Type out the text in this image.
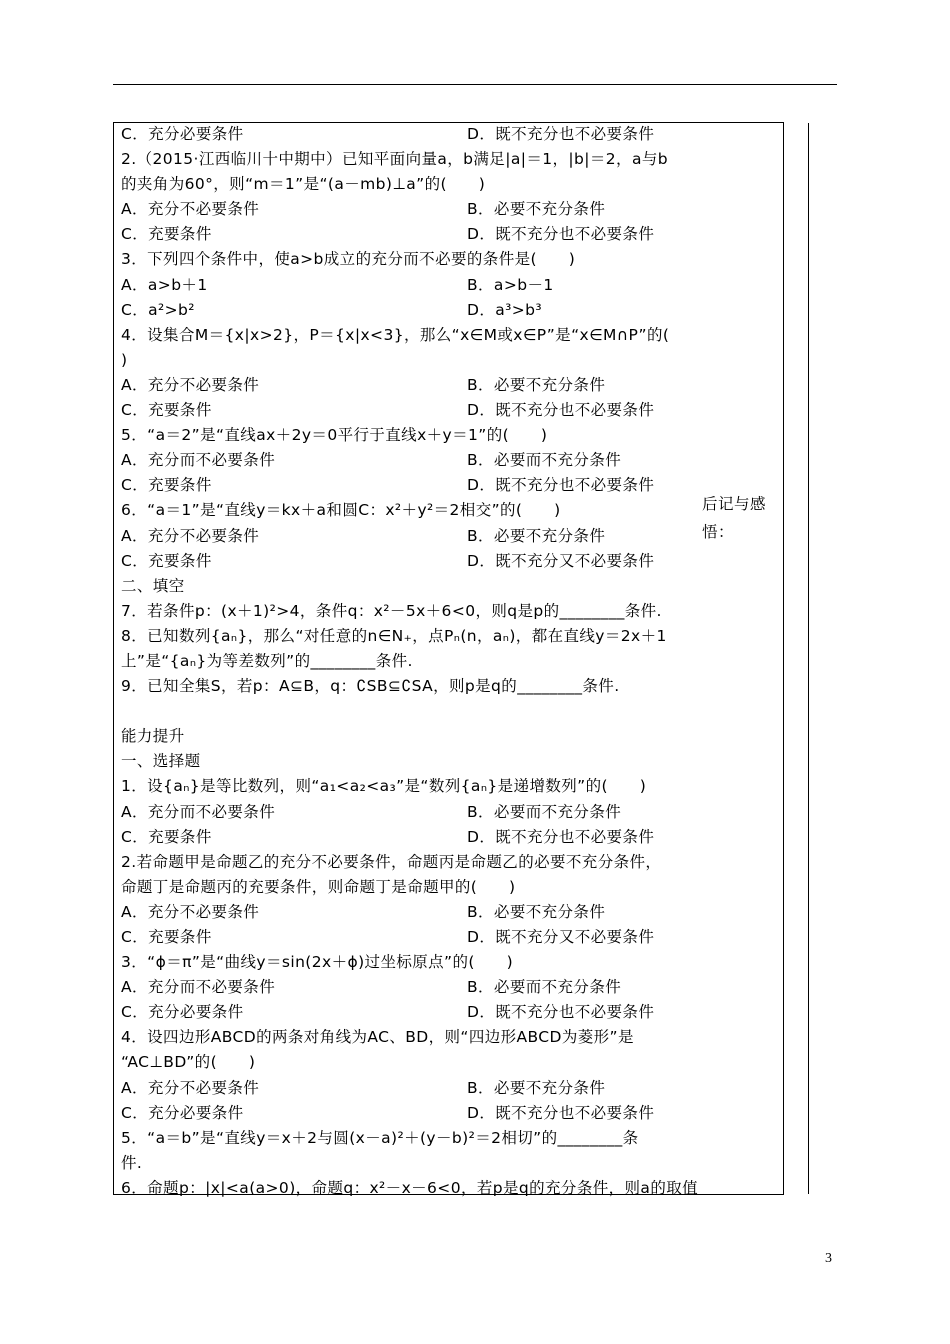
C．充分必要条件	D．既不充分也不必要条件
2.（2015·江西临川十中期中）已知平面向量a，b满足|a|＝1，|b|＝2，a与b
的夹角为60°，则“m＝1”是“(a－mb)⊥a”的(　　)
A．充分不必要条件	B．必要不充分条件
C．充要条件	D．既不充分也不必要条件
3．下列四个条件中，使a>b成立的充分而不必要的条件是(　　)
A．a>b＋1	B．a>b－1
C．a²>b²	D．a³>b³
4．设集合M＝{x|x>2}，P＝{x|x<3}，那么“x∈M或x∈P”是“x∈M∩P”的(
)
A．充分不必要条件	B．必要不充分条件
C．充要条件	D．既不充分也不必要条件
5．“a＝2”是“直线ax＋2y＝0平行于直线x＋y＝1”的(　　)
A．充分而不必要条件	B．必要而不充分条件
C．充要条件	D．既不充分也不必要条件
6．“a＝1”是“直线y＝kx＋a和圆C：x²＋y²＝2相交”的(　　)
A．充分不必要条件	B．必要不充分条件
C．充要条件	D．既不充分又不必要条件
二、填空
7．若条件p：(x＋1)²>4，条件q：x²－5x＋6<0，则q是p的________条件.
8．已知数列{aₙ}，那么“对任意的n∈N₊，点Pₙ(n，aₙ)，都在直线y＝2x＋1
上”是“{aₙ}为等差数列”的________条件.
9．已知全集S，若p：A⊆B，q：∁SB⊆∁SA，则p是q的________条件.
能力提升
一、选择题
1．设{aₙ}是等比数列，则“a₁<a₂<a₃”是“数列{aₙ}是递增数列”的(　　)
A．充分而不必要条件	B．必要而不充分条件
C．充要条件	D．既不充分也不必要条件
2.若命题甲是命题乙的充分不必要条件，命题丙是命题乙的必要不充分条件，
命题丁是命题丙的充要条件，则命题丁是命题甲的(　　)
A．充分不必要条件	B．必要不充分条件
C．充要条件	D．既不充分又不必要条件
3．“ϕ＝π”是“曲线y＝sin(2x＋ϕ)过坐标原点”的(　　)
A．充分而不必要条件	B．必要而不充分条件
C．充分必要条件	D．既不充分也不必要条件
4．设四边形ABCD的两条对角线为AC、BD，则“四边形ABCD为菱形”是
“AC⊥BD”的(　　)
A．充分不必要条件	B．必要不充分条件
C．充分必要条件	D．既不充分也不必要条件
5．“a＝b”是“直线y＝x＋2与圆(x－a)²＋(y－b)²＝2相切”的________条
件.
6．命题p：|x|<a(a>0)，命题q：x²－x－6<0，若p是q的充分条件，则a的取值
后记与感
悟：
3
